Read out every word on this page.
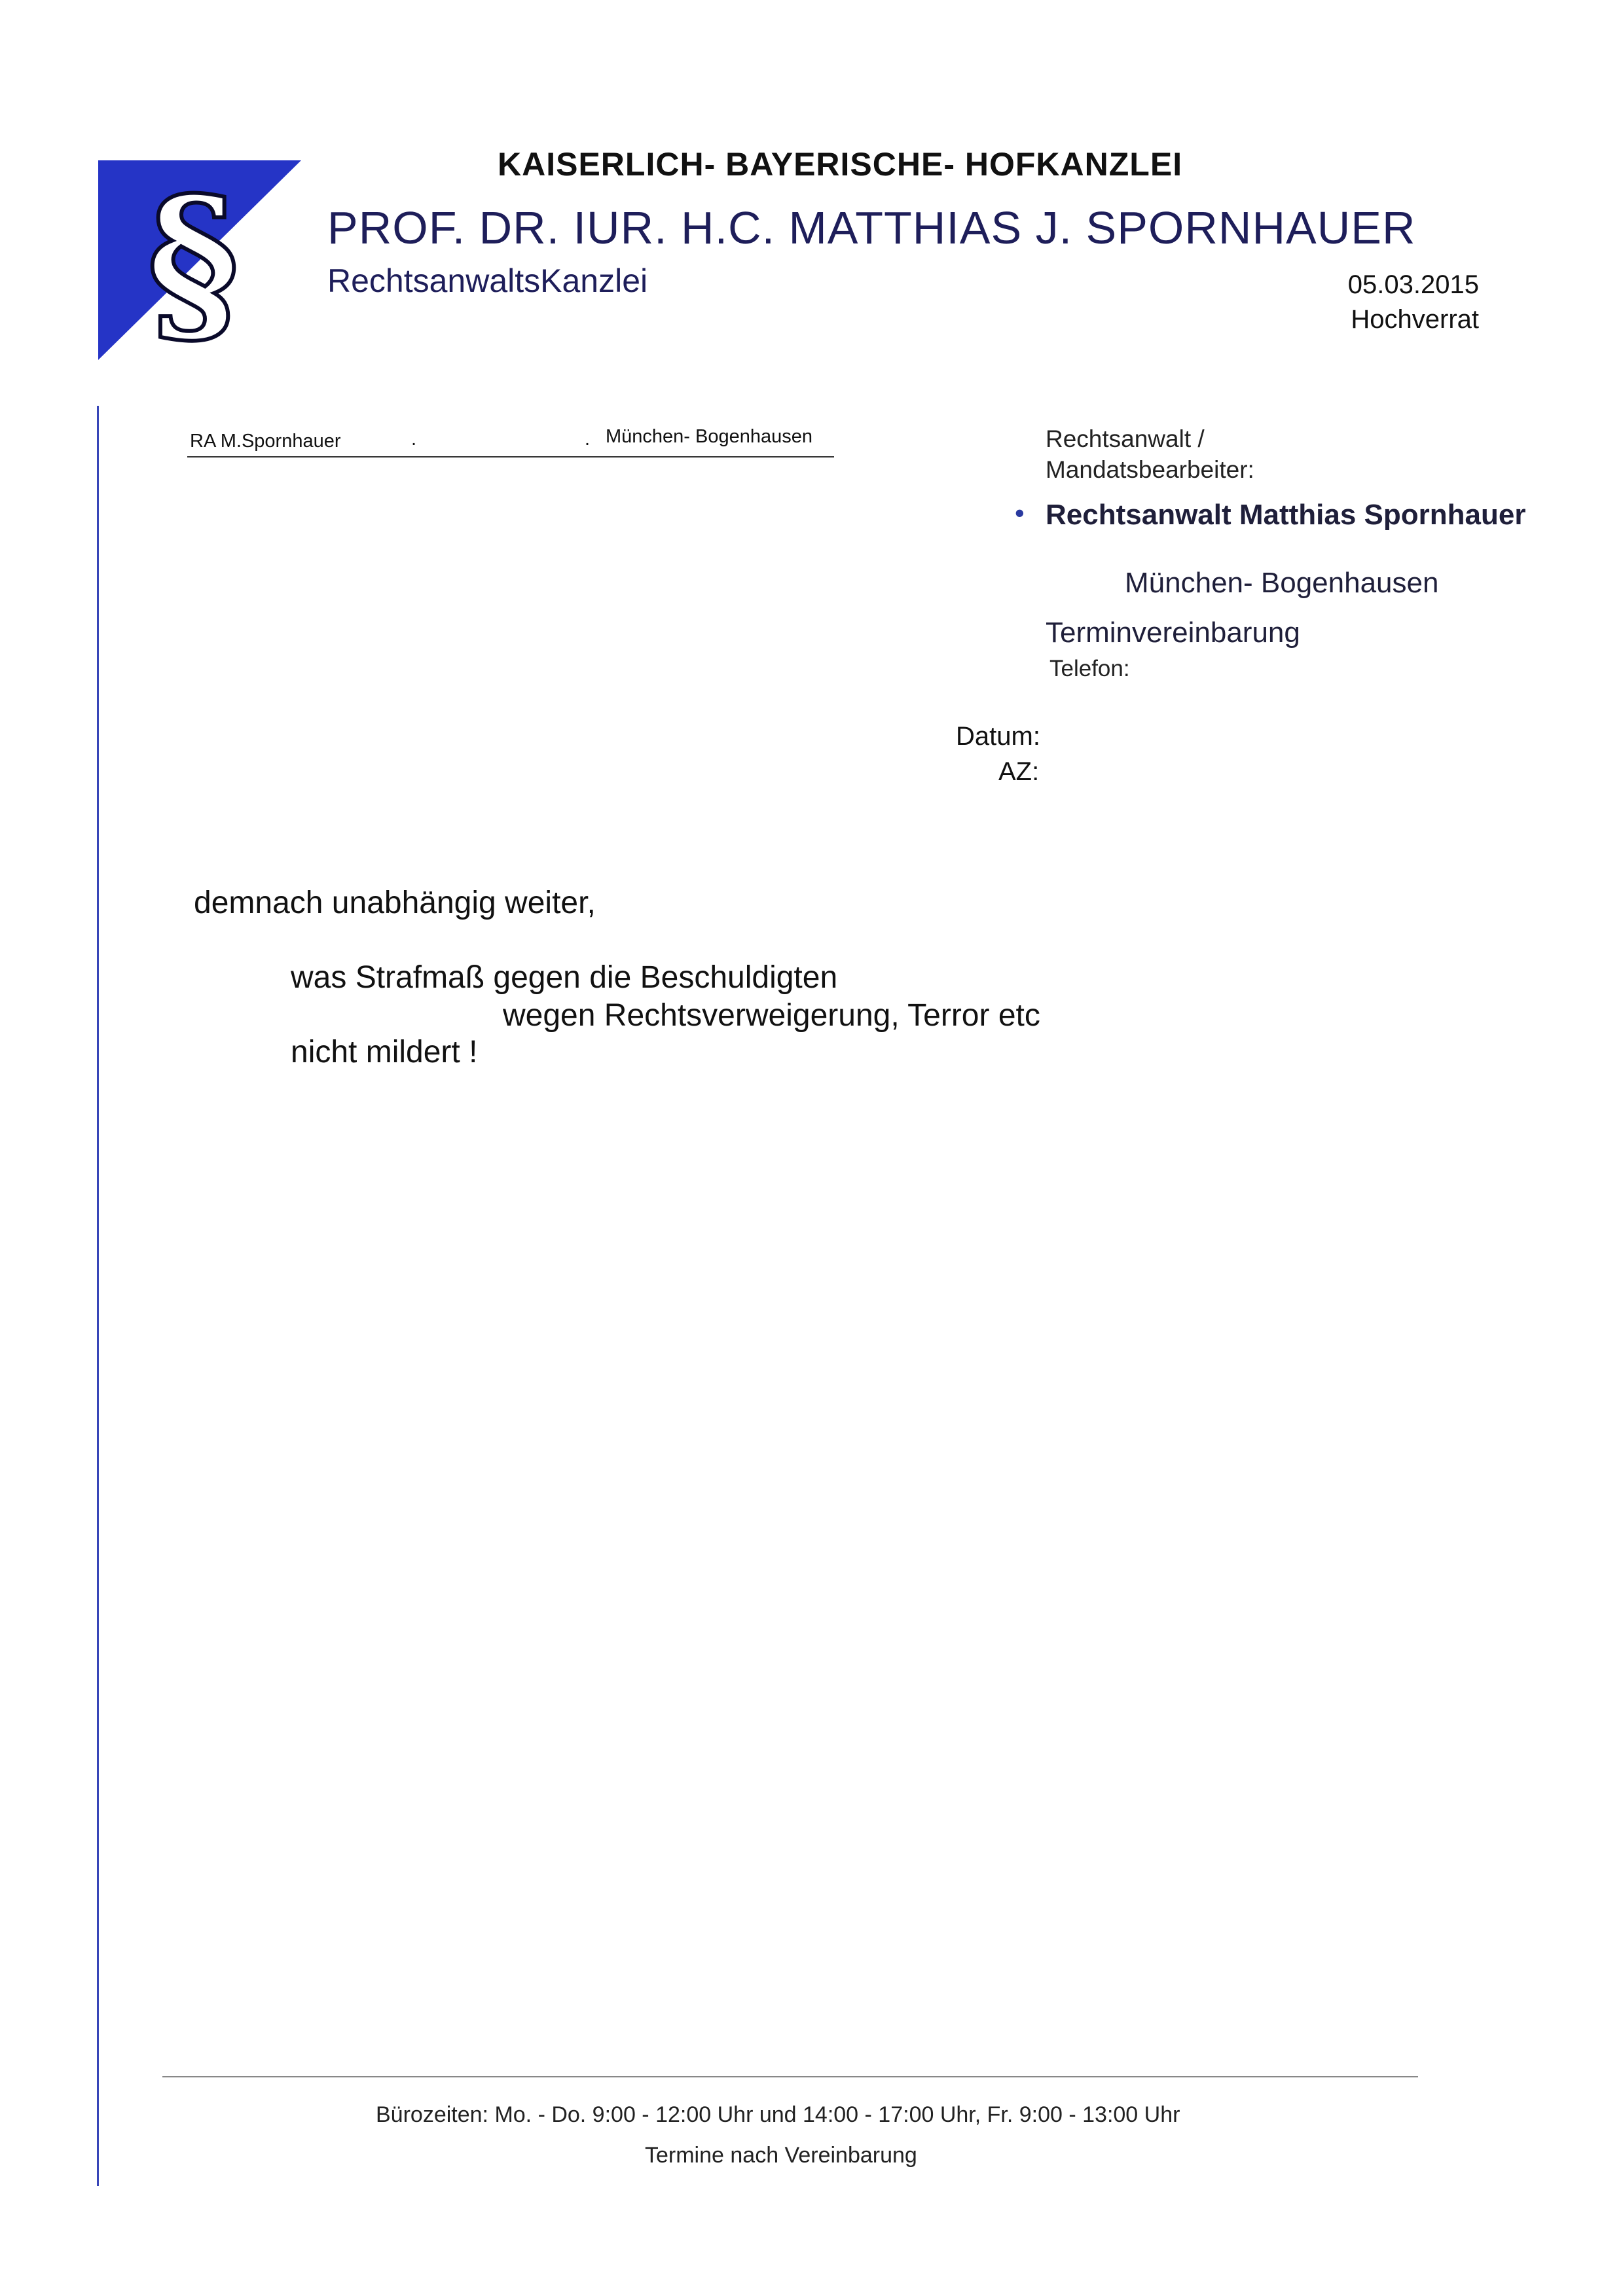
§	KAISERLICH- BAYERISCHE- HOFKANZLEI
PROF. DR. IUR. H.C. MATTHIAS J. SPORNHAUER
RechtsanwaltsKanzlei	05.03.2015
Hochverrat
RA M.Spornhauer	.	. München- Bogenhausen	Rechtsanwalt /
Mandatsbearbeiter:
• Rechtsanwalt Matthias Spornhauer
München- Bogenhausen
Terminvereinbarung
Telefon:
Datum:
AZ:
demnach unabhängig weiter,
was Strafmaß gegen die Beschuldigten
wegen Rechtsverweigerung, Terror etc
nicht mildert !
Bürozeiten: Mo. - Do. 9:00 - 12:00 Uhr und 14:00 - 17:00 Uhr, Fr. 9:00 - 13:00 Uhr
Termine nach Vereinbarung
